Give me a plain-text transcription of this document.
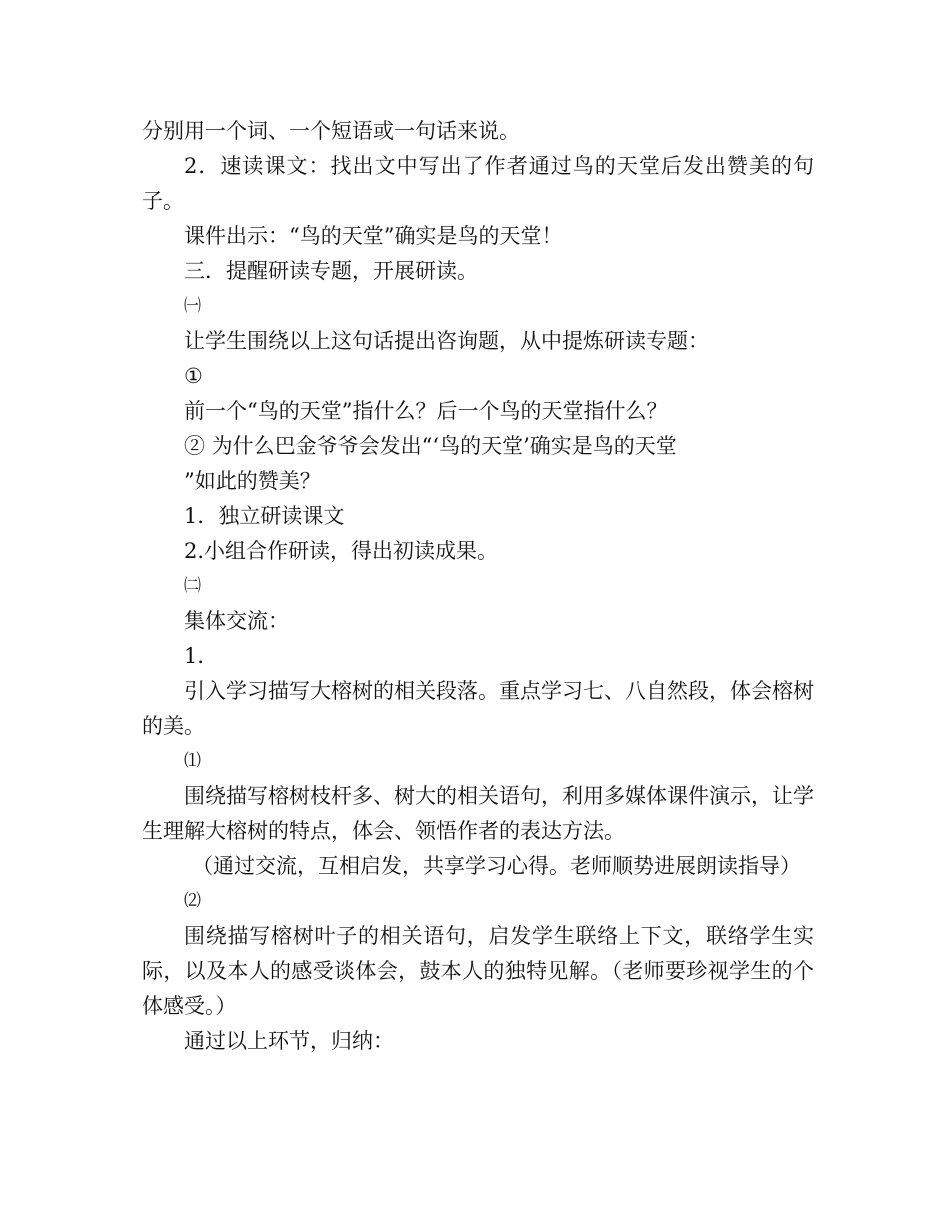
分别用一个词、一个短语或一句话来说。

2．速读课文：找出文中写出了作者通过鸟的天堂后发出赞美的句子。

课件出示：“鸟的天堂”确实是鸟的天堂！

三．提醒研读专题，开展研读。

㈠

让学生围绕以上这句话提出咨询题，从中提炼研读专题：

①

前一个“鸟的天堂”指什么？后一个鸟的天堂指什么？

② 为什么巴金爷爷会发出“‘鸟的天堂’确实是鸟的天堂

”如此的赞美？

1．独立研读课文

2.小组合作研读，得出初读成果。

㈡

集体交流：

1．

引入学习描写大榕树的相关段落。重点学习七、八自然段，体会榕树的美。

⑴

围绕描写榕树枝杆多、树大的相关语句，利用多媒体课件演示，让学生理解大榕树的特点，体会、领悟作者的表达方法。

（通过交流，互相启发，共享学习心得。老师顺势进展朗读指导）

⑵

围绕描写榕树叶子的相关语句，启发学生联络上下文，联络学生实际，以及本人的感受谈体会，鼓本人的独特见解。（老师要珍视学生的个体感受。）

通过以上环节，归纳：
